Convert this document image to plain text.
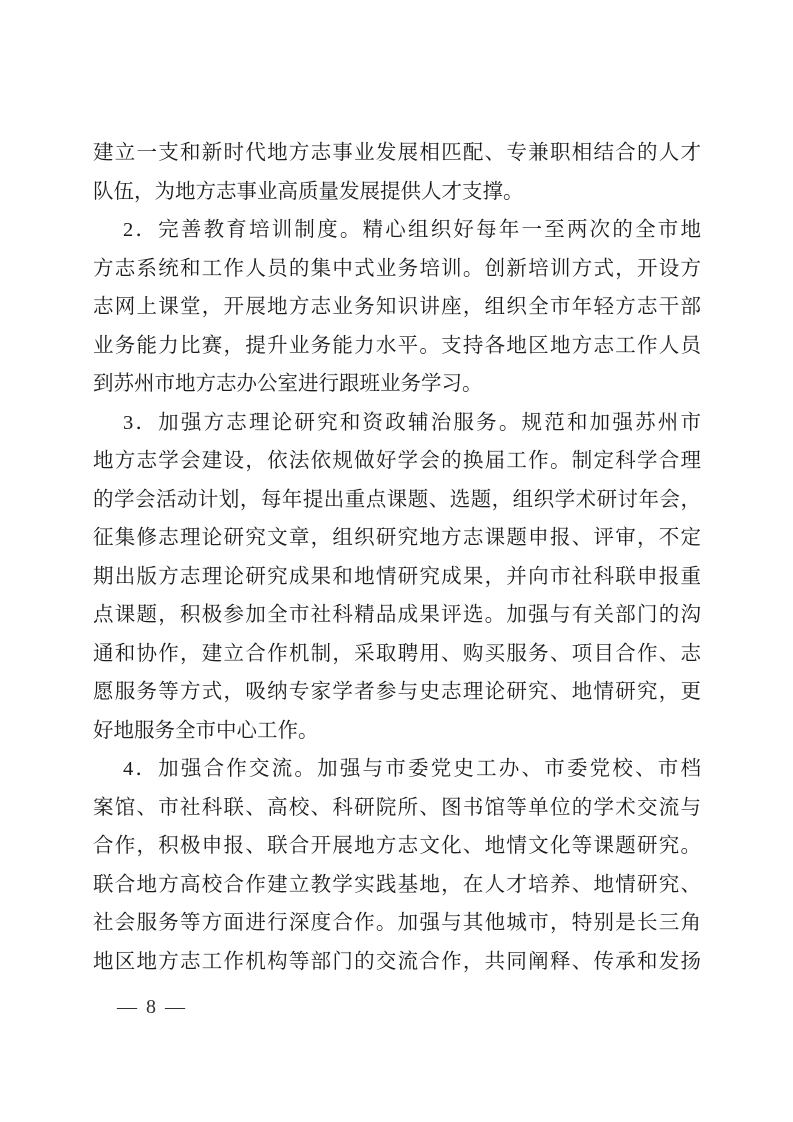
建立一支和新时代地方志事业发展相匹配、专兼职相结合的人才
队伍，为地方志事业高质量发展提供人才支撑。
2．完善教育培训制度。精心组织好每年一至两次的全市地
方志系统和工作人员的集中式业务培训。创新培训方式，开设方
志网上课堂，开展地方志业务知识讲座，组织全市年轻方志干部
业务能力比赛，提升业务能力水平。支持各地区地方志工作人员
到苏州市地方志办公室进行跟班业务学习。
3．加强方志理论研究和资政辅治服务。规范和加强苏州市
地方志学会建设，依法依规做好学会的换届工作。制定科学合理
的学会活动计划，每年提出重点课题、选题，组织学术研讨年会，
征集修志理论研究文章，组织研究地方志课题申报、评审，不定
期出版方志理论研究成果和地情研究成果，并向市社科联申报重
点课题，积极参加全市社科精品成果评选。加强与有关部门的沟
通和协作，建立合作机制，采取聘用、购买服务、项目合作、志
愿服务等方式，吸纳专家学者参与史志理论研究、地情研究，更
好地服务全市中心工作。
4．加强合作交流。加强与市委党史工办、市委党校、市档
案馆、市社科联、高校、科研院所、图书馆等单位的学术交流与
合作，积极申报、联合开展地方志文化、地情文化等课题研究。
联合地方高校合作建立教学实践基地，在人才培养、地情研究、
社会服务等方面进行深度合作。加强与其他城市，特别是长三角
地区地方志工作机构等部门的交流合作，共同阐释、传承和发扬
— 8 —
